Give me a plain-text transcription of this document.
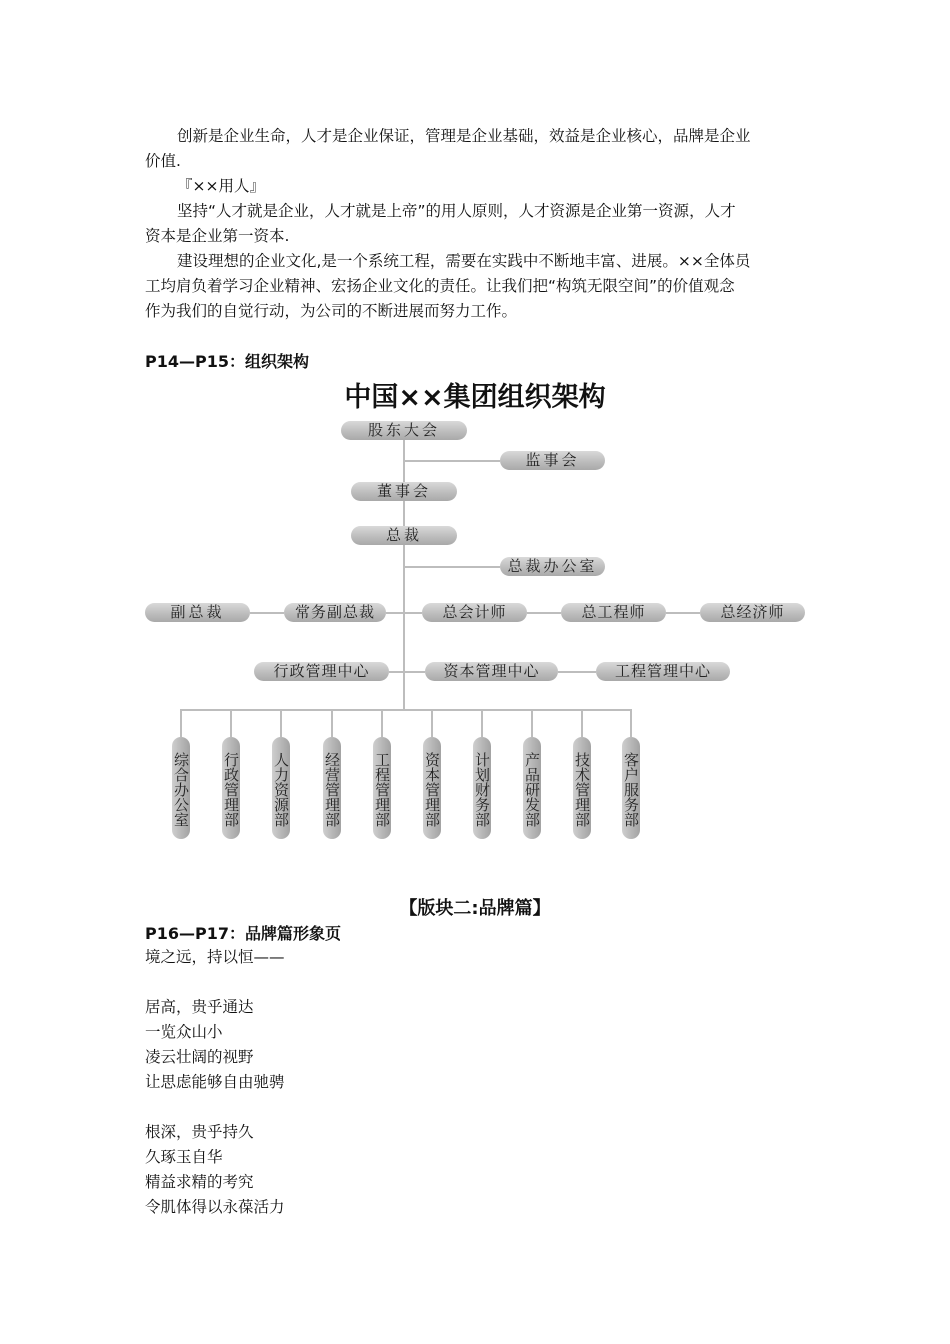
创新是企业生命，人才是企业保证，管理是企业基础，效益是企业核心，品牌是企业
价值.
『××用人』
坚持“人才就是企业，人才就是上帝”的用人原则，人才资源是企业第一资源，人才
资本是企业第一资本.
建设理想的企业文化,是一个系统工程，需要在实践中不断地丰富、进展。××全体员
工均肩负着学习企业精神、宏扬企业文化的责任。让我们把“构筑无限空间”的价值观念
作为我们的自觉行动，为公司的不断进展而努力工作。
P14—P15：组织架构
中国××集团组织架构
股东大会
监事会
董事会
总裁
总裁办公室
副总裁	常务副总裁	总会计师	总工程师	总经济师
行政管理中心	资本管理中心	工程管理中心
综合办公室 行政管理部 人力资源部 经营管理部 工程管理部 资本管理部 计划财务部 产品研发部 技术管理部 客户服务部
【版块二:品牌篇】
P16—P17：品牌篇形象页
境之远，持以恒——
居高，贵乎通达
一览众山小
凌云壮阔的视野
让思虑能够自由驰骋
根深，贵乎持久
久琢玉自华
精益求精的考究
令肌体得以永葆活力
